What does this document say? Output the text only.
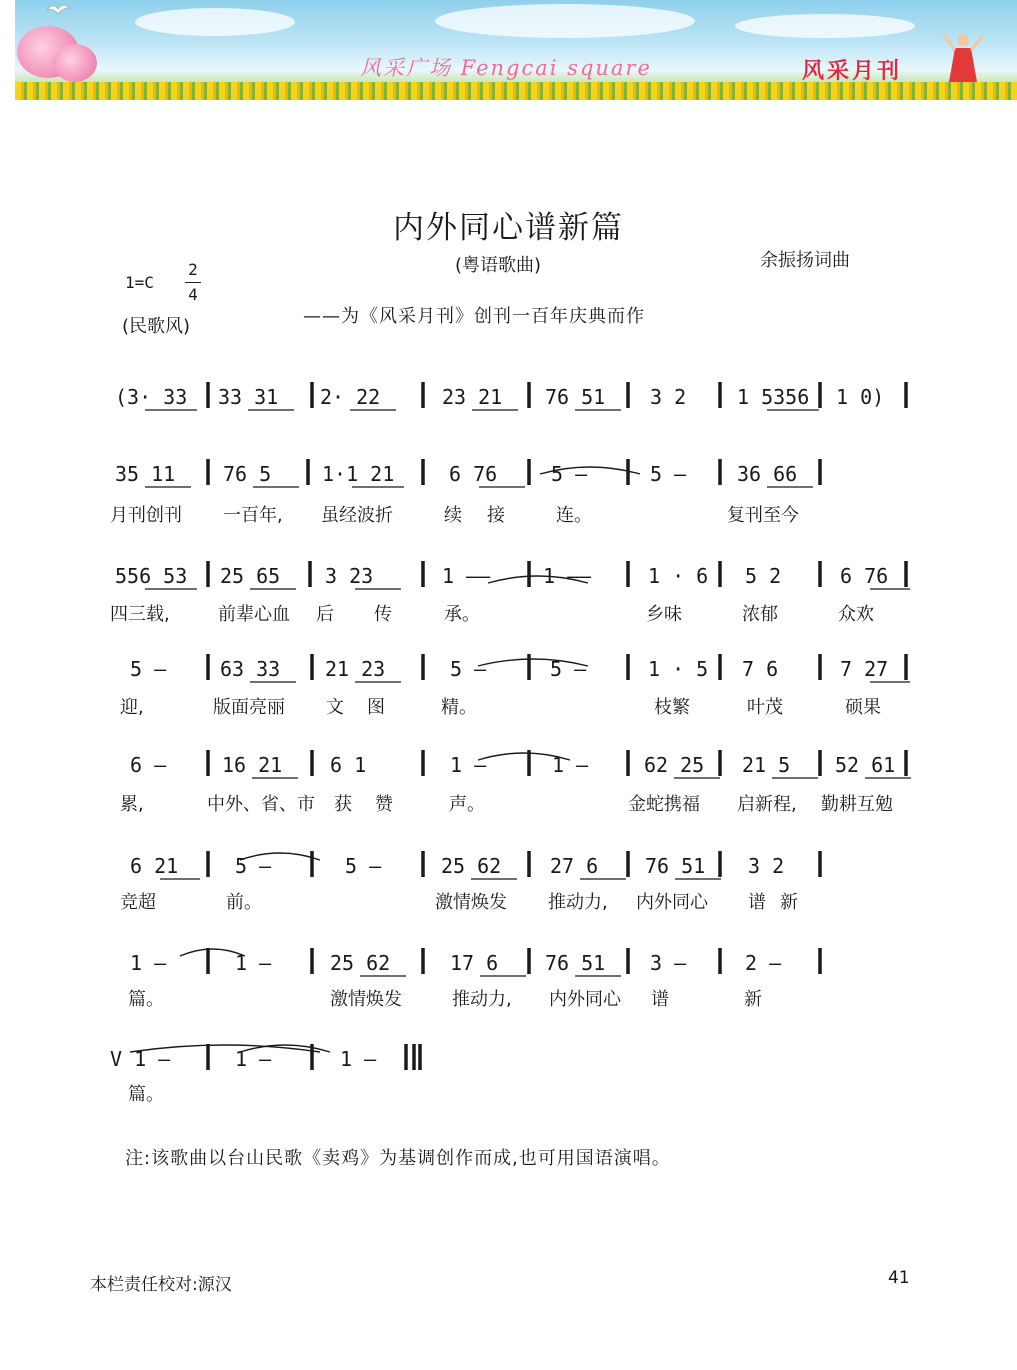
风采广场 Fengcai square	风采月刊
内外同心谱新篇
(粤语歌曲)	余振扬词曲
1=C
2
4
(民歌风)	——为《风采月刊》创刊一百年庆典而作
(3· 33 33 31 2· 22	23 21 76 51 3 2	1 5356 1 0)
35 11 76 5	1·1 21	6 76	5 —	5 —	36 66
月刊创刊 一百年, 虽经波折	续 接	连。	复刊至今
556 53 25 65 3 23	1 ——	1 ——	1 · 6 5 2	6 76
四三载,	前辈心血 后 传	承。	乡味	浓郁	众欢
5 —	63 33 21 23	5 —	5 —	1 · 5 7 6	7 27
迎,	版面亮丽 文 图	精。	枝繁	叶茂	硕果
6 —	16 21 6 1	1 —	1 —	62 25 21 5 52 61
累,	中外、省、市 获 赞	声。	金蛇携福 启新程, 勤耕互勉
6 21	5 —	5 —	25 62 27 6 76 51 3 2
竞超	前。	激情焕发 推动力, 内外同心 谱 新
1 —	1 —	25 62	17 6 76 51 3 —	2 —
篇。	激情焕发	推动力, 内外同心 谱	新
V 1 —	1 —	1 —
篇。
注:该歌曲以台山民歌《卖鸡》为基调创作而成,也可用国语演唱。
本栏责任校对:源汉	41
